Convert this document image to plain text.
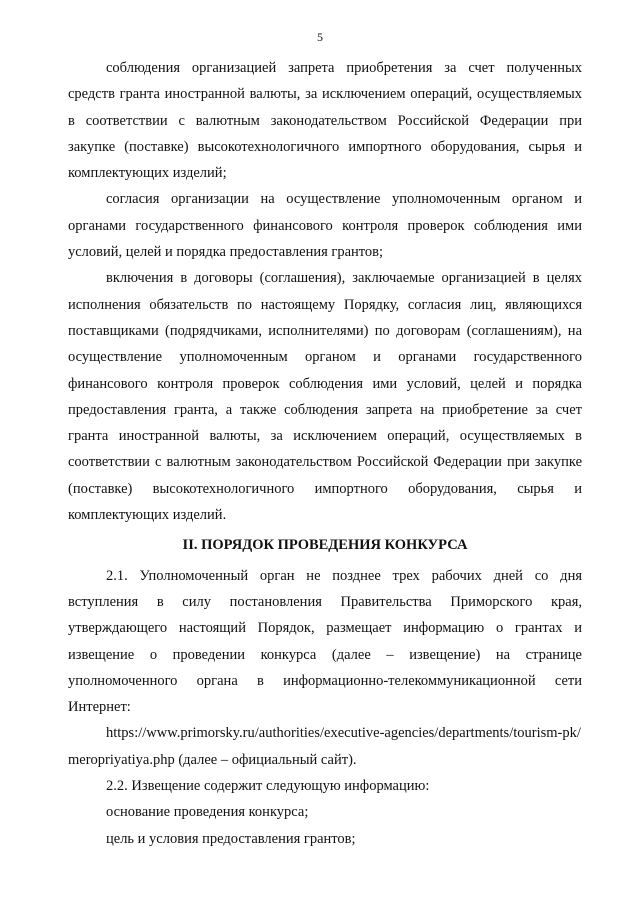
5

соблюдения организацией запрета приобретения за счет полученных средств гранта иностранной валюты, за исключением операций, осуществляемых в соответствии с валютным законодательством Российской Федерации при закупке (поставке) высокотехнологичного импортного оборудования, сырья и комплектующих изделий;

согласия организации на осуществление уполномоченным органом и органами государственного финансового контроля проверок соблюдения ими условий, целей и порядка предоставления грантов;

включения в договоры (соглашения), заключаемые организацией в целях исполнения обязательств по настоящему Порядку, согласия лиц, являющихся поставщиками (подрядчиками, исполнителями) по договорам (соглашениям), на осуществление уполномоченным органом и органами государственного финансового контроля проверок соблюдения ими условий, целей и порядка предоставления гранта, а также соблюдения запрета на приобретение за счет гранта иностранной валюты, за исключением операций, осуществляемых в соответствии с валютным законодательством Российской Федерации при закупке (поставке) высокотехнологичного импортного оборудования, сырья и комплектующих изделий.

II. ПОРЯДОК ПРОВЕДЕНИЯ КОНКУРСА

2.1. Уполномоченный орган не позднее трех рабочих дней со дня вступления в силу постановления Правительства Приморского края, утверждающего настоящий Порядок, размещает информацию о грантах и извещение о проведении конкурса (далее – извещение) на странице уполномоченного органа в информационно-телекоммуникационной сети Интернет:

https://www.primorsky.ru/authorities/executive-agencies/departments/tourism-pk/meropriyatiya.php (далее – официальный сайт).

2.2. Извещение содержит следующую информацию:

основание проведения конкурса;

цель и условия предоставления грантов;
